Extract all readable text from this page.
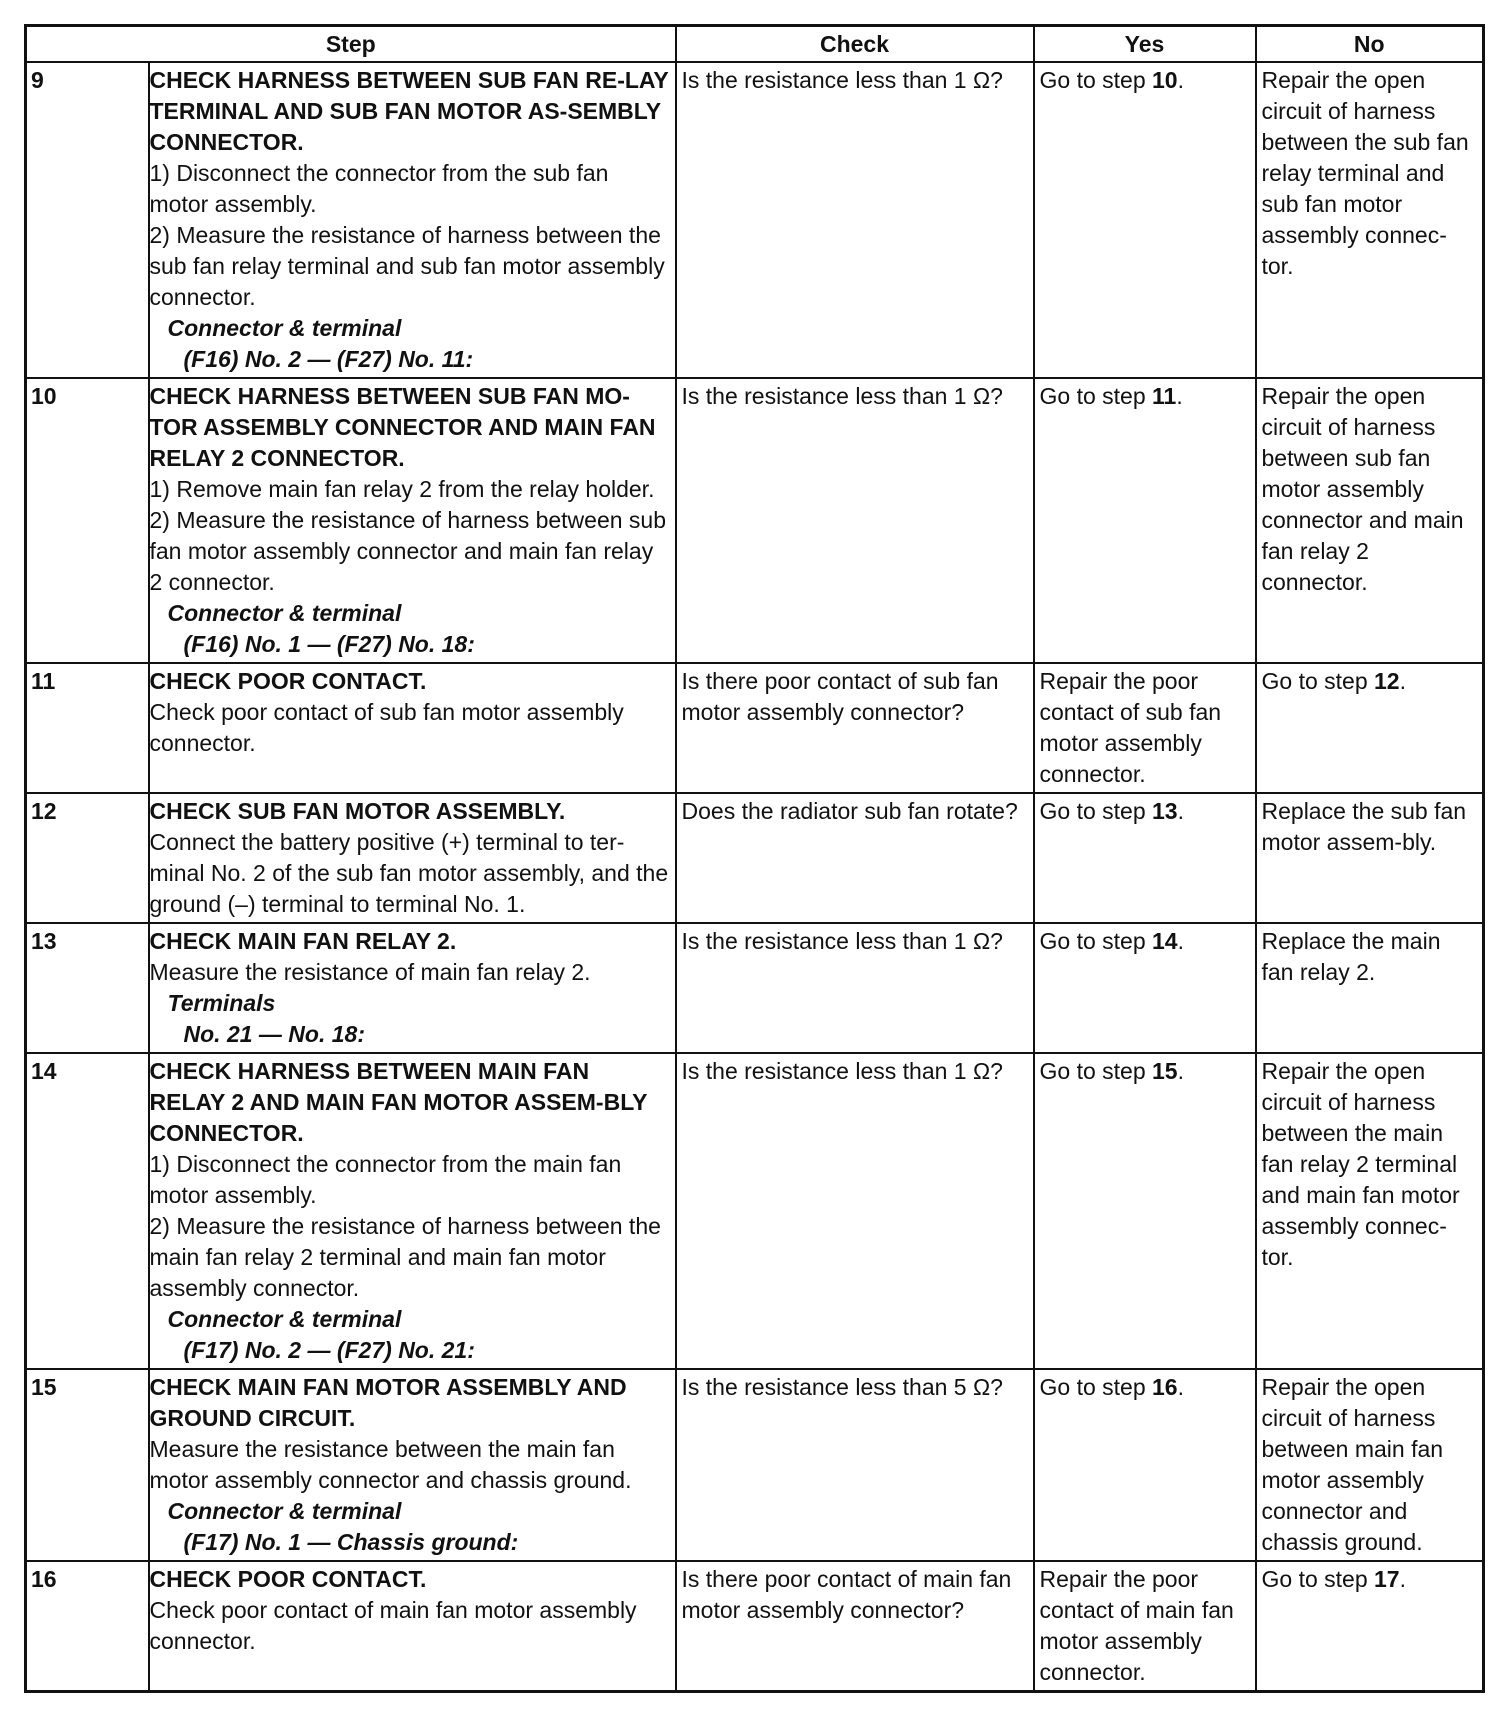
Step		Check	Yes	No
9	CHECK HARNESS BETWEEN SUB FAN RE-LAY TERMINAL AND SUB FAN MOTOR AS-SEMBLY CONNECTOR.
1) Disconnect the connector from the sub fan motor assembly.
2) Measure the resistance of harness between the sub fan relay terminal and sub fan motor assembly connector.
Connector & terminal
(F16) No. 2 — (F27) No. 11:	Is the resistance less than 1 Ω?	Go to step 10.	Repair the open circuit of harness between the sub fan relay terminal and sub fan motor assembly connec-tor.
10	CHECK HARNESS BETWEEN SUB FAN MO-TOR ASSEMBLY CONNECTOR AND MAIN FAN RELAY 2 CONNECTOR.
1) Remove main fan relay 2 from the relay holder.
2) Measure the resistance of harness between sub fan motor assembly connector and main fan relay 2 connector.
Connector & terminal
(F16) No. 1 — (F27) No. 18:	Is the resistance less than 1 Ω?	Go to step 11.	Repair the open circuit of harness between sub fan motor assembly connector and main fan relay 2 connector.
11	CHECK POOR CONTACT.
Check poor contact of sub fan motor assembly connector.	Is there poor contact of sub fan motor assembly connector?	Repair the poor contact of sub fan motor assembly connector.	Go to step 12.
12	CHECK SUB FAN MOTOR ASSEMBLY.
Connect the battery positive (+) terminal to ter-minal No. 2 of the sub fan motor assembly, and the ground (–) terminal to terminal No. 1.	Does the radiator sub fan rotate?	Go to step 13.	Replace the sub fan motor assem-bly.
13	CHECK MAIN FAN RELAY 2.
Measure the resistance of main fan relay 2.
Terminals
No. 21 — No. 18:	Is the resistance less than 1 Ω?	Go to step 14.	Replace the main fan relay 2.
14	CHECK HARNESS BETWEEN MAIN FAN RELAY 2 AND MAIN FAN MOTOR ASSEM-BLY CONNECTOR.
1) Disconnect the connector from the main fan motor assembly.
2) Measure the resistance of harness between the main fan relay 2 terminal and main fan motor assembly connector.
Connector & terminal
(F17) No. 2 — (F27) No. 21:	Is the resistance less than 1 Ω?	Go to step 15.	Repair the open circuit of harness between the main fan relay 2 terminal and main fan motor assembly connec-tor.
15	CHECK MAIN FAN MOTOR ASSEMBLY AND GROUND CIRCUIT.
Measure the resistance between the main fan motor assembly connector and chassis ground.
Connector & terminal
(F17) No. 1 — Chassis ground:	Is the resistance less than 5 Ω?	Go to step 16.	Repair the open circuit of harness between main fan motor assembly connector and chassis ground.
16	CHECK POOR CONTACT.
Check poor contact of main fan motor assembly connector.	Is there poor contact of main fan motor assembly connector?	Repair the poor contact of main fan motor assembly connector.	Go to step 17.
